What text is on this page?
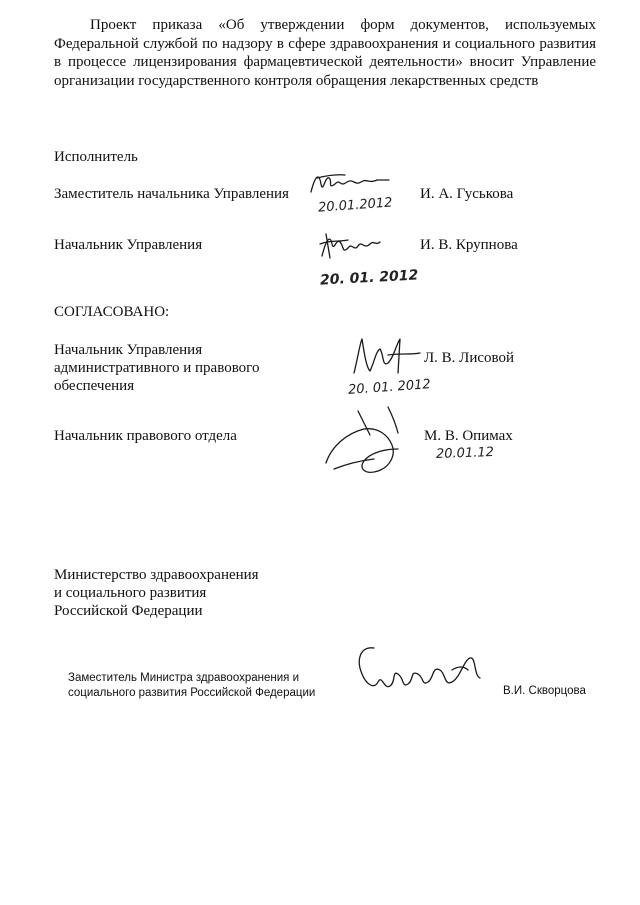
Проект приказа «Об утверждении форм документов, используемых Федеральной службой по надзору в сфере здравоохранения и социального развития в процессе лицензирования фармацевтической деятельности» вносит Управление организации государственного контроля обращения лекарственных средств
Исполнитель
Заместитель начальника Управления
20.01.2012
И. А. Гуськова
Начальник Управления
20. 01. 2012
И. В. Крупнова
СОГЛАСОВАНО:
Начальник Управления
административного и правового
обеспечения	20. 01. 2012
Л. В. Лисовой
Начальник правового отдела
20.01.12
М. В. Опимах
Министерство здравоохранения
и социального развития
Российской Федерации
Заместитель Министра здравоохранения и
социального развития Российской Федерации	В.И. Скворцова
